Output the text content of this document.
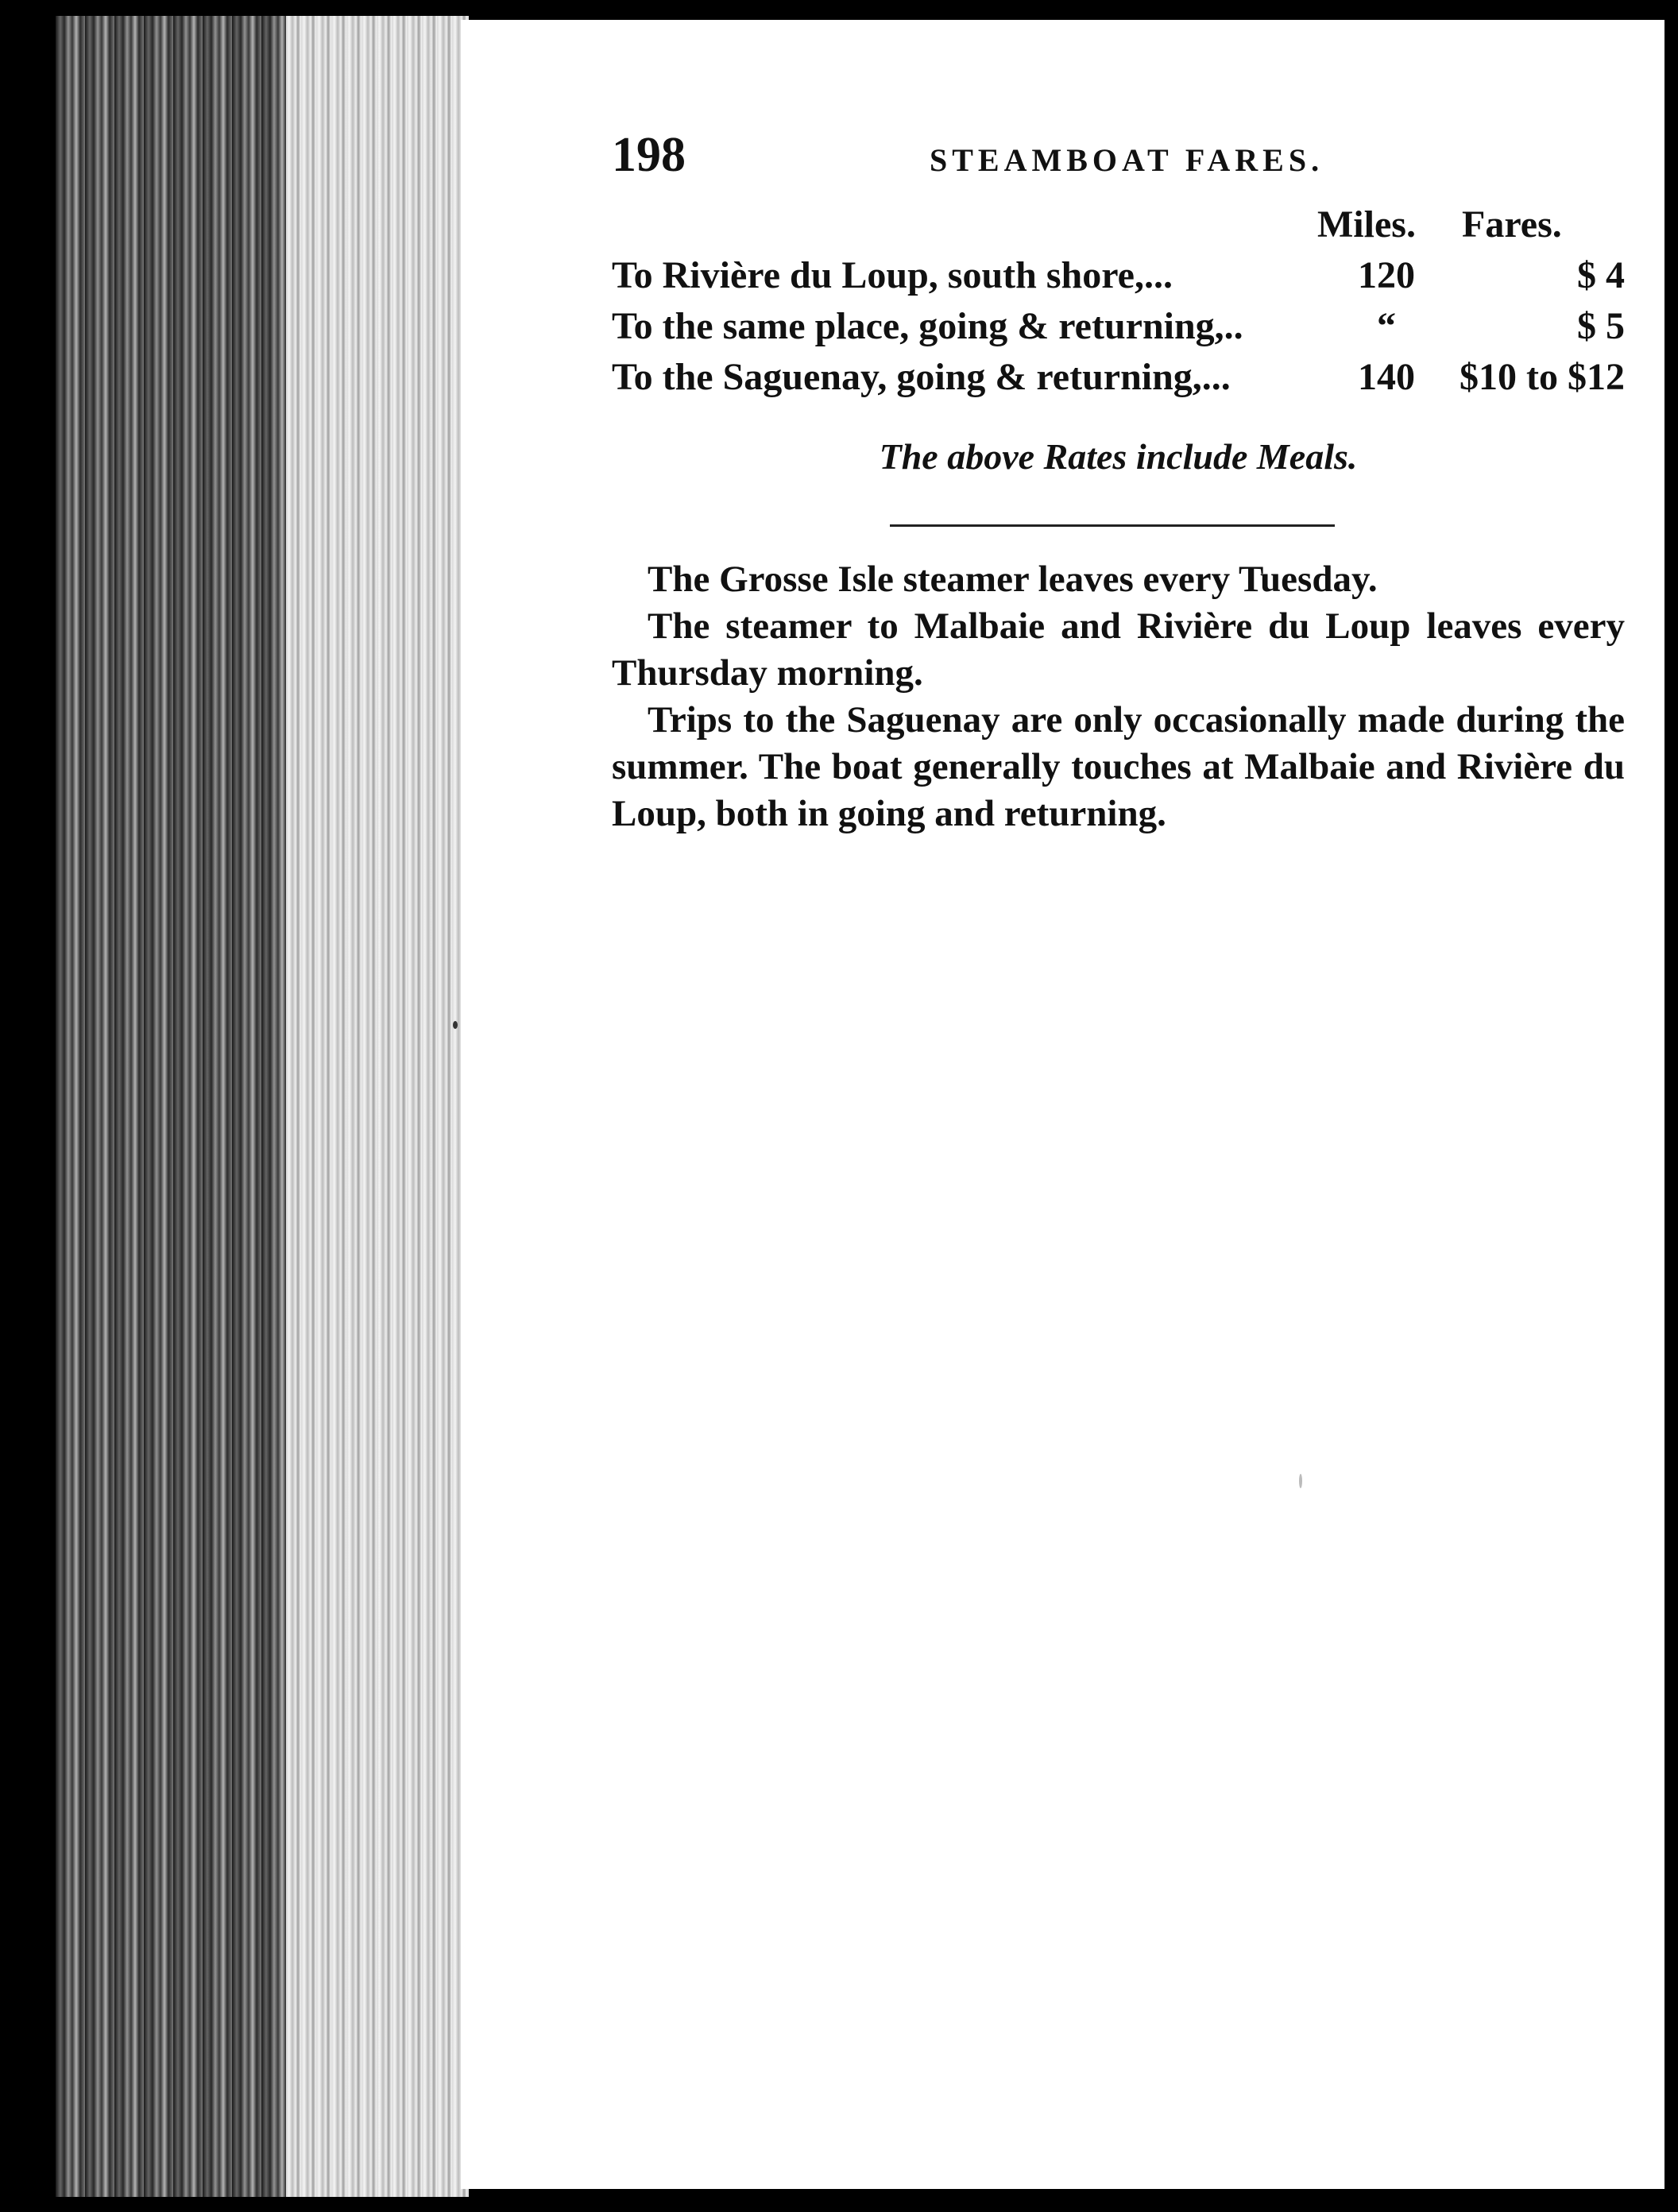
198	STEAMBOAT FARES.
Miles. Fares.
To Rivière du Loup, south shore,...	120	$ 4
To the same place, going & returning,..	“	$ 5
To the Saguenay, going & returning,...	140	$10 to $12
The above Rates include Meals.

The Grosse Isle steamer leaves every Tuesday.

The steamer to Malbaie and Rivière du Loup leaves every Thursday morning.

Trips to the Saguenay are only occasionally made during the summer. The boat generally touches at Malbaie and Rivière du Loup, both in going and returning.
